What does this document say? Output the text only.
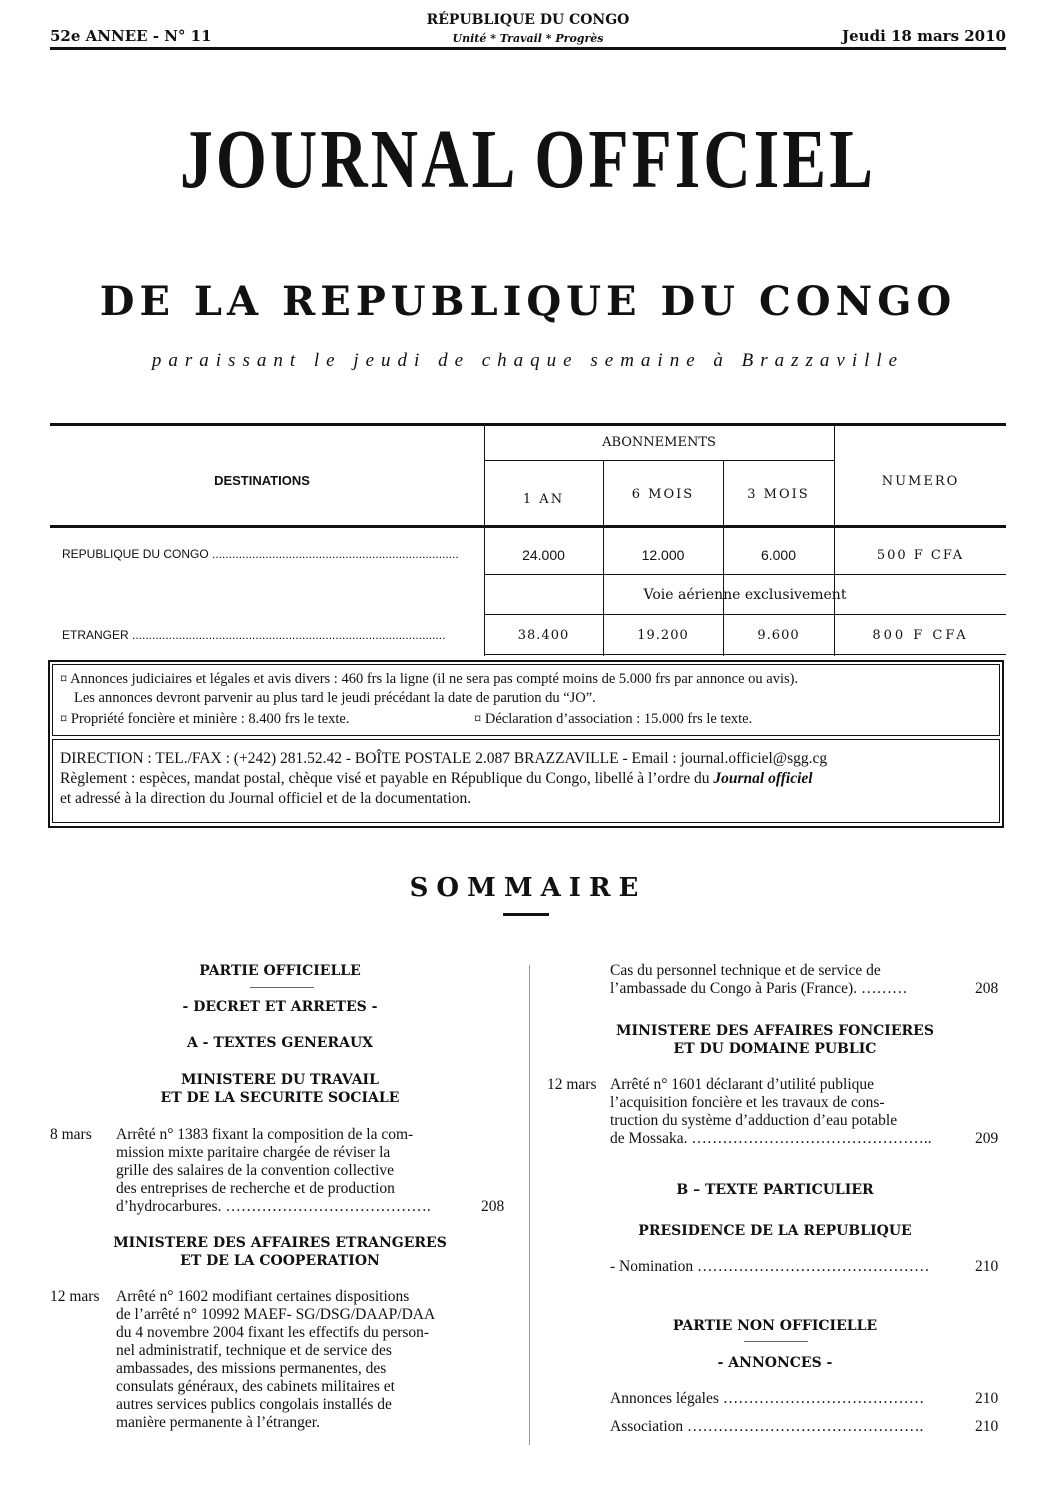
52e ANNEE - N° 11
RÉPUBLIQUE DU CONGO
Unité * Travail * Progrès	Jeudi 18 mars 2010
JOURNAL OFFICIEL
DE LA REPUBLIQUE DU CONGO
paraissant le jeudi de chaque semaine à Brazzaville
DESTINATIONS
ABONNEMENTS
NUMERO
1 AN	6 MOIS	3 MOIS
REPUBLIQUE DU CONGO ..........................................................................	24.000	12.000	6.000	500 F CFA
Voie aérienne exclusivement
ETRANGER ..............................................................................................	38.400	19.200	9.600	800 F CFA
¤ Annonces judiciaires et légales et avis divers : 460 frs la ligne (il ne sera pas compté moins de 5.000 frs par annonce ou avis).
Les annonces devront parvenir au plus tard le jeudi précédant la date de parution du “JO”.
¤ Propriété foncière et minière : 8.400 frs le texte.	¤ Déclaration d’association : 15.000 frs le texte.
DIRECTION : TEL./FAX : (+242) 281.52.42 - BOÎTE POSTALE 2.087 BRAZZAVILLE - Email : journal.officiel@sgg.cg
Règlement : espèces, mandat postal, chèque visé et payable en République du Congo, libellé à l’ordre du Journal officiel
et adressé à la direction du Journal officiel et de la documentation.
SOMMAIRE
PARTIE OFFICIELLE
- DECRET ET ARRETES -
A - TEXTES GENERAUX
MINISTERE DU TRAVAIL
ET DE LA SECURITE SOCIALE
8 mars Arrêté n° 1383 fixant la composition de la com-
mission mixte paritaire chargée de réviser la
grille des salaires de la convention collective
des entreprises de recherche et de production
d’hydrocarbures. ………………………………….	208
MINISTERE DES AFFAIRES ETRANGERES
ET DE LA COOPERATION
12 mars Arrêté n° 1602 modifiant certaines dispositions
de l’arrêté n° 10992 MAEF- SG/DSG/DAAP/DAA
du 4 novembre 2004 fixant les effectifs du person-
nel administratif, technique et de service des
ambassades, des missions permanentes, des
consulats généraux, des cabinets militaires et
autres services publics congolais installés de
manière permanente à l’étranger.
Cas du personnel technique et de service de
l’ambassade du Congo à Paris (France). ………	208
MINISTERE DES AFFAIRES FONCIERES
ET DU DOMAINE PUBLIC
12 mars Arrêté n° 1601 déclarant d’utilité publique
l’acquisition foncière et les travaux de cons-
truction du système d’adduction d’eau potable
de Mossaka. ………………………………………..	209
B – TEXTE PARTICULIER
PRESIDENCE DE LA REPUBLIQUE
- Nomination ………………………………………	210
PARTIE NON OFFICIELLE
- ANNONCES -
Annonces légales …………………………………	210
Association ……………………………………….	210
